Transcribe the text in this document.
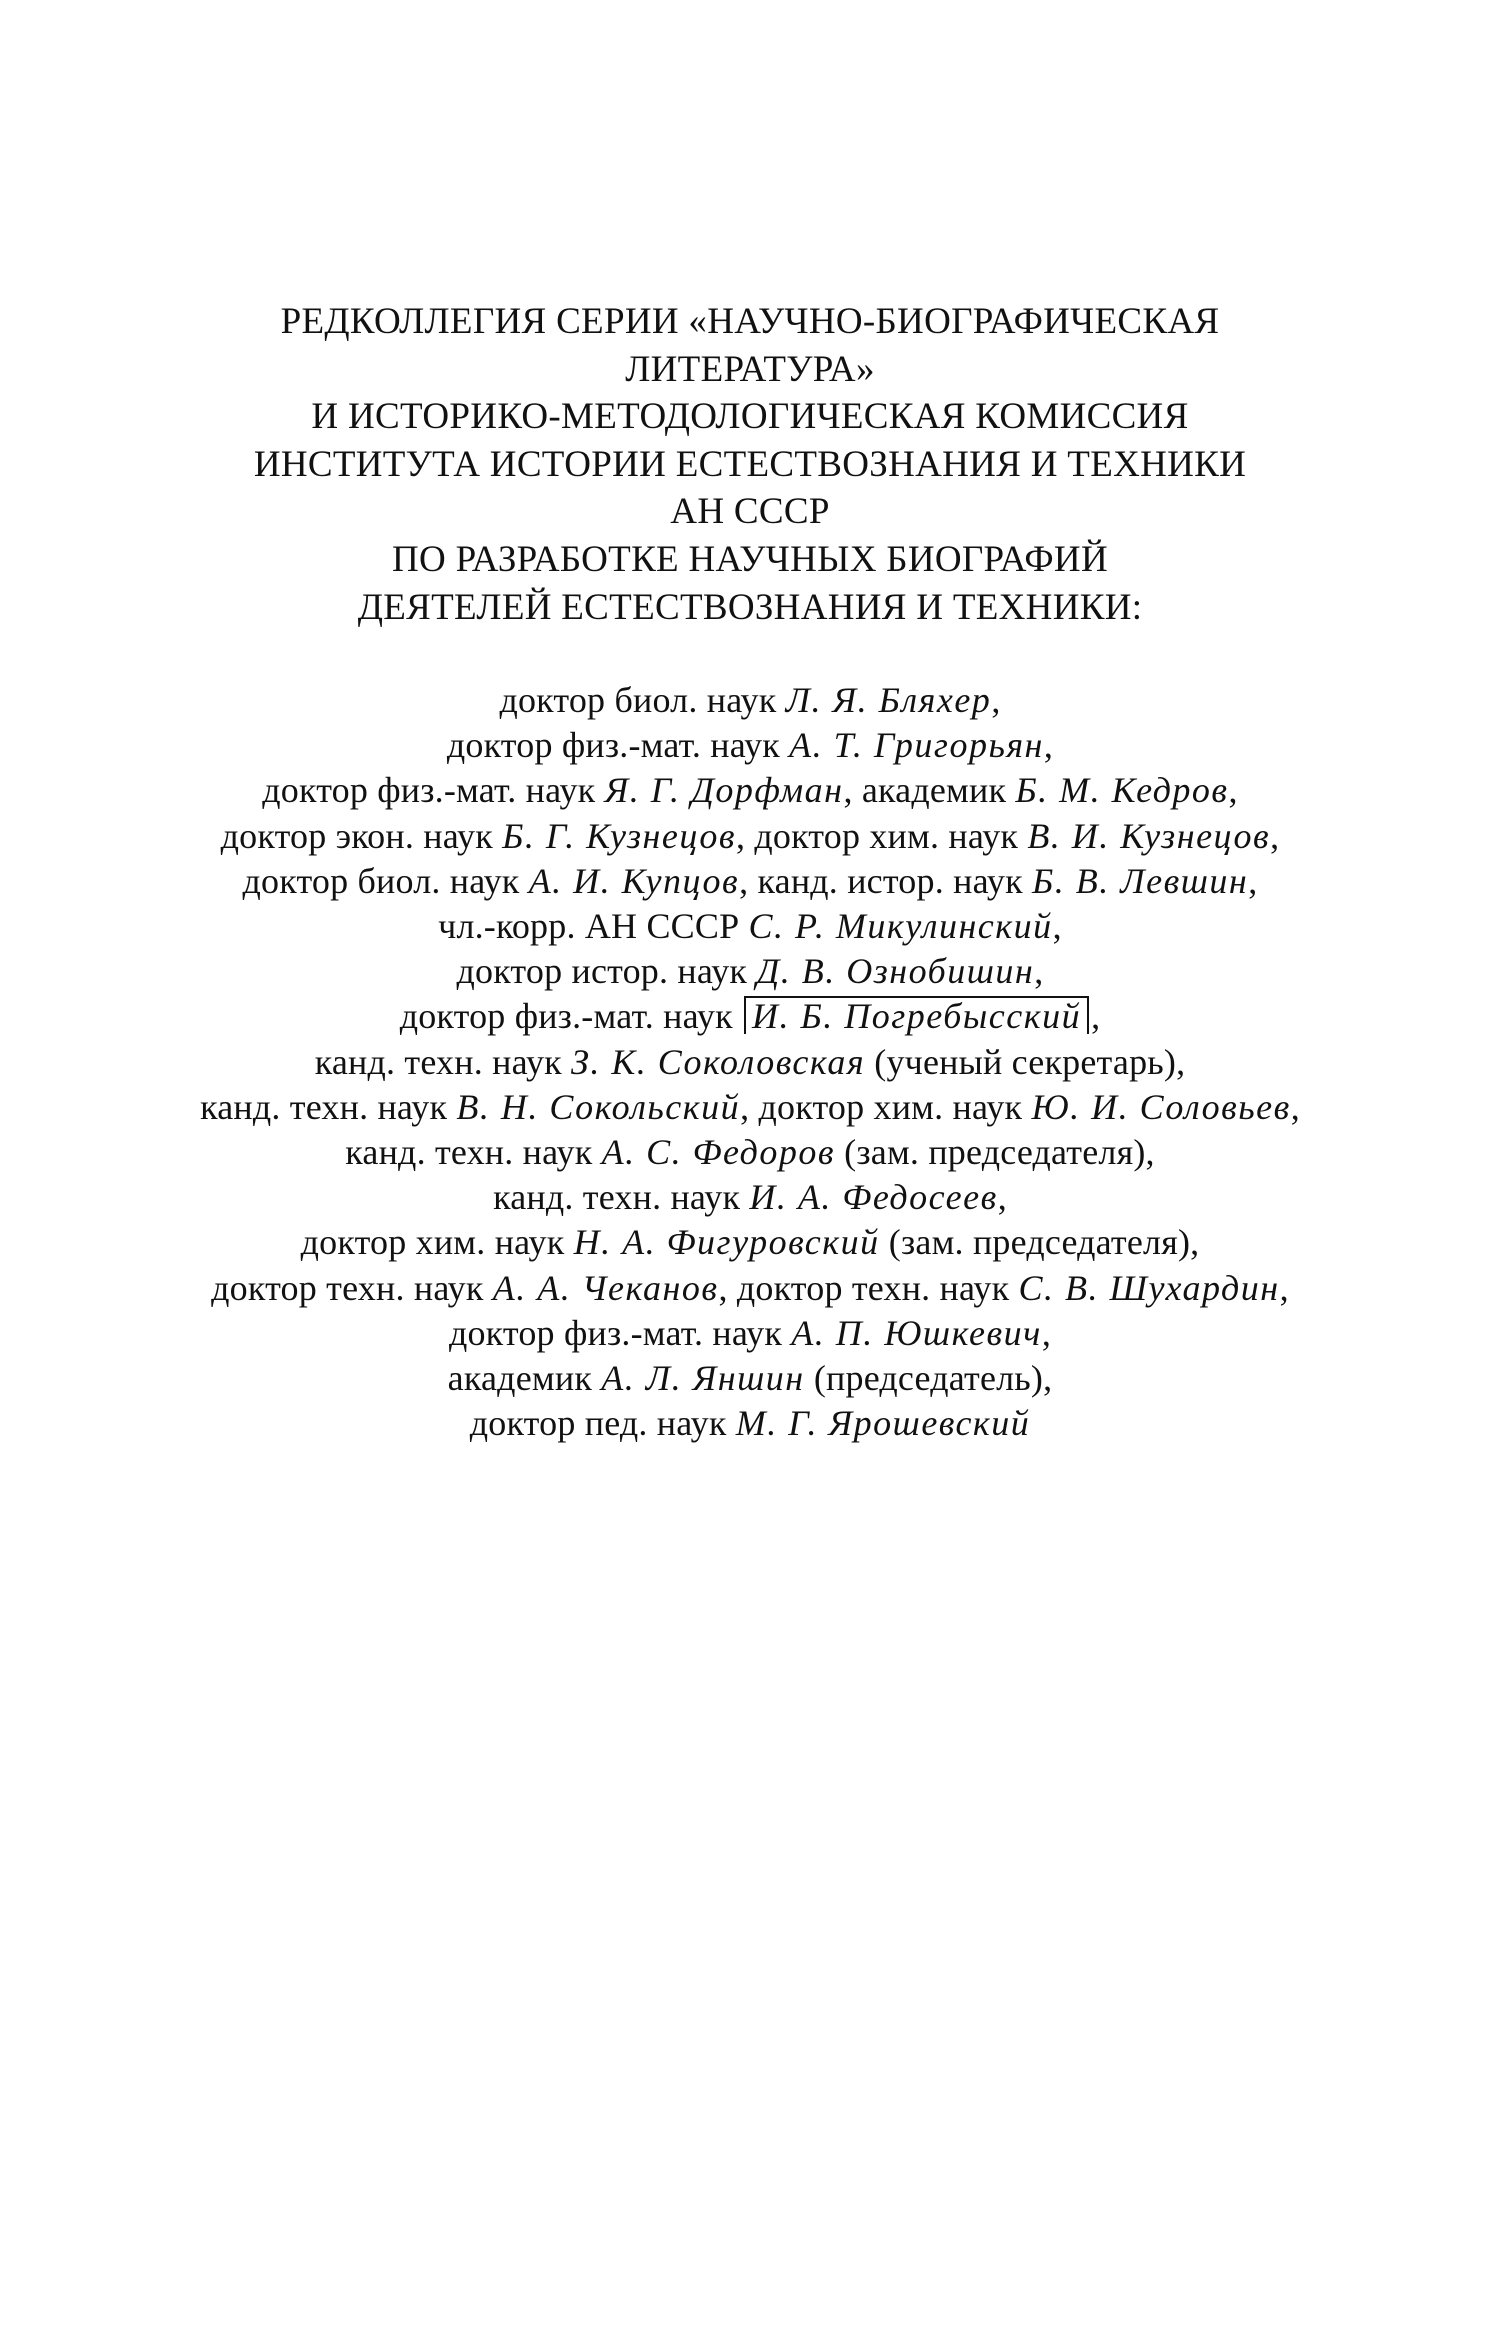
РЕДКОЛЛЕГИЯ СЕРИИ «НАУЧНО-БИОГРАФИЧЕСКАЯ
ЛИТЕРАТУРА»
И ИСТОРИКО-МЕТОДОЛОГИЧЕСКАЯ КОМИССИЯ
ИНСТИТУТА ИСТОРИИ ЕСТЕСТВОЗНАНИЯ И ТЕХНИКИ
АН СССР
ПО РАЗРАБОТКЕ НАУЧНЫХ БИОГРАФИЙ
ДЕЯТЕЛЕЙ ЕСТЕСТВОЗНАНИЯ И ТЕХНИКИ:
доктор биол. наук Л. Я. Бляхер,
доктор физ.-мат. наук А. Т. Григорьян,
доктор физ.-мат. наук Я. Г. Дорфман, академик Б. М. Кедров,
доктор экон. наук Б. Г. Кузнецов, доктор хим. наук В. И. Кузнецов,
доктор биол. наук А. И. Купцов, канд. истор. наук Б. В. Левшин,
чл.-корр. АН СССР С. Р. Микулинский,
доктор истор. наук Д. В. Ознобишин,
доктор физ.-мат. наук И. Б. Погребысский ,
канд. техн. наук З. К. Соколовская (ученый секретарь),
канд. техн. наук В. Н. Сокольский, доктор хим. наук Ю. И. Соловьев,
канд. техн. наук А. С. Федоров (зам. председателя),
канд. техн. наук И. А. Федосеев,
доктор хим. наук Н. А. Фигуровский (зам. председателя),
доктор техн. наук А. А. Чеканов, доктор техн. наук С. В. Шухардин,
доктор физ.-мат. наук А. П. Юшкевич,
академик А. Л. Яншин (председатель),
доктор пед. наук М. Г. Ярошевский
